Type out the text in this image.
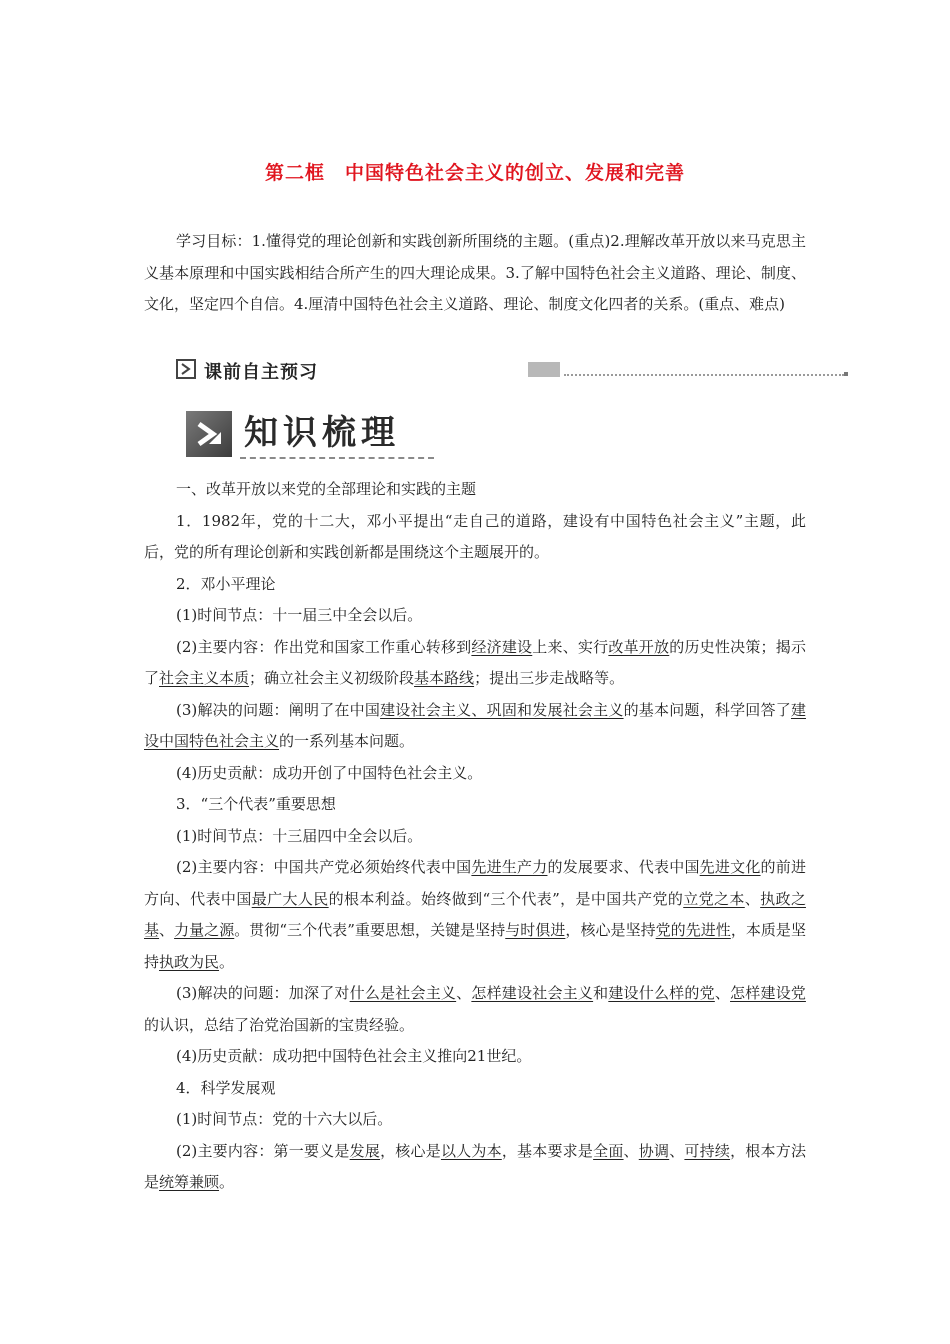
第二框　中国特色社会主义的创立、发展和完善
学习目标：1.懂得党的理论创新和实践创新所围绕的主题。(重点)2.理解改革开放以来马克思主义基本原理和中国实践相结合所产生的四大理论成果。3.了解中国特色社会主义道路、理论、制度、文化，坚定四个自信。4.厘清中国特色社会主义道路、理论、制度文化四者的关系。(重点、难点)
课前自主预习
知识梳理

一、改革开放以来党的全部理论和实践的主题

1．1982年，党的十二大，邓小平提出“走自己的道路，建设有中国特色社会主义”主题，此后，党的所有理论创新和实践创新都是围绕这个主题展开的。

2．邓小平理论

(1)时间节点：十一届三中全会以后。

(2)主要内容：作出党和国家工作重心转移到经济建设上来、实行改革开放的历史性决策；揭示了社会主义本质；确立社会主义初级阶段基本路线；提出三步走战略等。

(3)解决的问题：阐明了在中国建设社会主义、巩固和发展社会主义的基本问题，科学回答了建设中国特色社会主义的一系列基本问题。

(4)历史贡献：成功开创了中国特色社会主义。

3．“三个代表”重要思想

(1)时间节点：十三届四中全会以后。

(2)主要内容：中国共产党必须始终代表中国先进生产力的发展要求、代表中国先进文化的前进方向、代表中国最广大人民的根本利益。始终做到“三个代表”，是中国共产党的立党之本、执政之基、力量之源。贯彻“三个代表”重要思想，关键是坚持与时俱进，核心是坚持党的先进性，本质是坚持执政为民。

(3)解决的问题：加深了对什么是社会主义、怎样建设社会主义和建设什么样的党、怎样建设党的认识，总结了治党治国新的宝贵经验。

(4)历史贡献：成功把中国特色社会主义推向21世纪。

4．科学发展观

(1)时间节点：党的十六大以后。

(2)主要内容：第一要义是发展，核心是以人为本，基本要求是全面、协调、可持续，根本方法是统筹兼顾。
